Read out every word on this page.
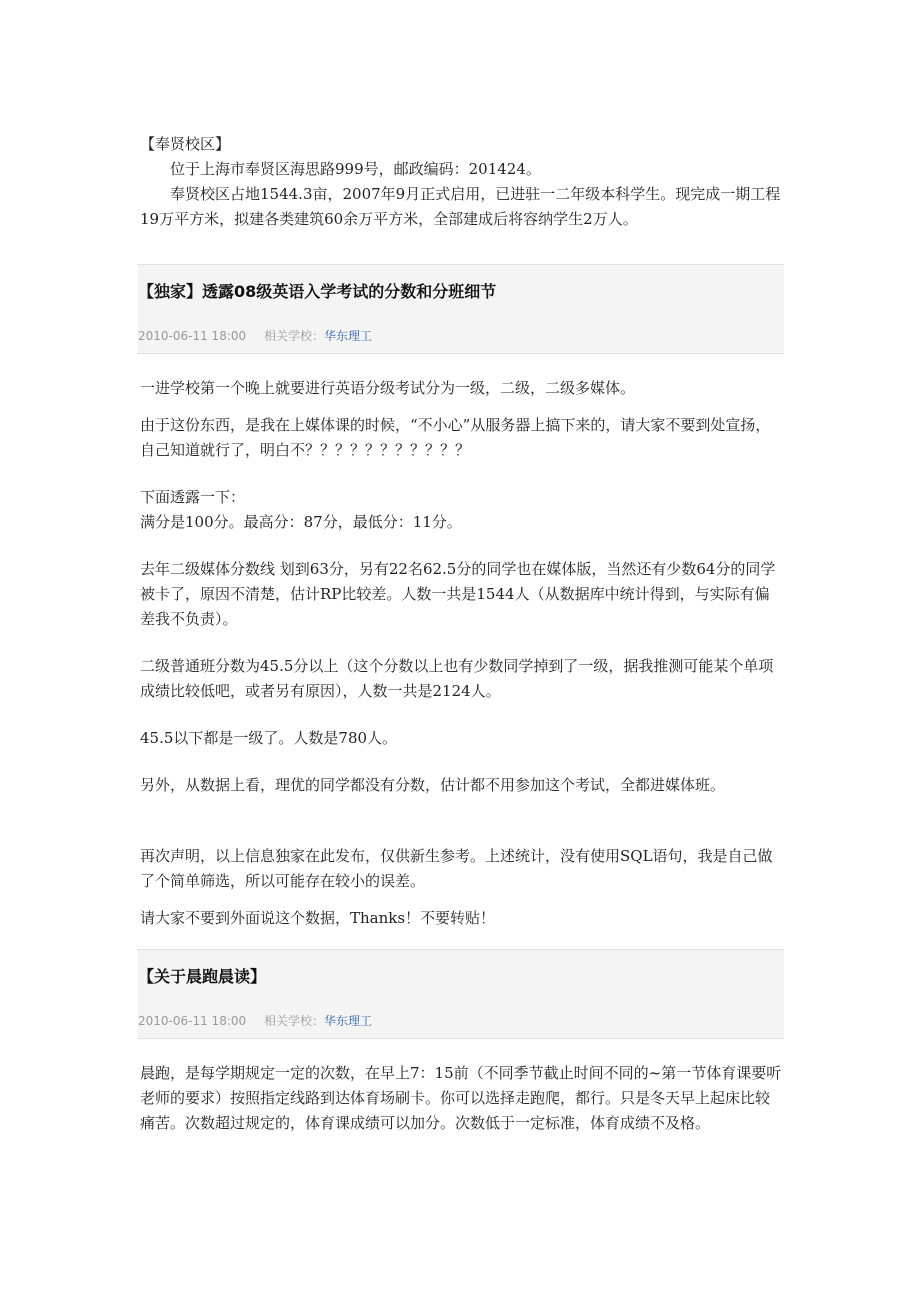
【奉贤校区】

位于上海市奉贤区海思路999号，邮政编码：201424。

奉贤校区占地1544.3亩，2007年9月正式启用，已进驻一二年级本科学生。现完成一期工程19万平方米，拟建各类建筑60余万平方米，全部建成后将容纳学生2万人。

【独家】透露08级英语入学考试的分数和分班细节
2010-06-11 18:00 相关学校：华东理工

一进学校第一个晚上就要进行英语分级考试分为一级，二级，二级多媒体。

由于这份东西，是我在上媒体课的时候，“不小心”从服务器上搞下来的，请大家不要到处宣扬，自己知道就行了，明白不？？？？？？？？？？？

下面透露一下：

满分是100分。最高分：87分，最低分：11分。

去年二级媒体分数线 划到63分，另有22名62.5分的同学也在媒体版，当然还有少数64分的同学被卡了，原因不清楚，估计RP比较差。人数一共是1544人（从数据库中统计得到，与实际有偏差我不负责）。

二级普通班分数为45.5分以上（这个分数以上也有少数同学掉到了一级，据我推测可能某个单项成绩比较低吧，或者另有原因），人数一共是2124人。

45.5以下都是一级了。人数是780人。

另外，从数据上看，理优的同学都没有分数，估计都不用参加这个考试，全都进媒体班。

再次声明，以上信息独家在此发布，仅供新生参考。上述统计，没有使用SQL语句，我是自己做了个简单筛选，所以可能存在较小的误差。

请大家不要到外面说这个数据，Thanks！不要转贴！

【关于晨跑晨读】
2010-06-11 18:00 相关学校：华东理工

晨跑，是每学期规定一定的次数，在早上7：15前（不同季节截止时间不同的~第一节体育课要听老师的要求）按照指定线路到达体育场刷卡。你可以选择走跑爬，都行。只是冬天早上起床比较痛苦。次数超过规定的，体育课成绩可以加分。次数低于一定标准，体育成绩不及格。
